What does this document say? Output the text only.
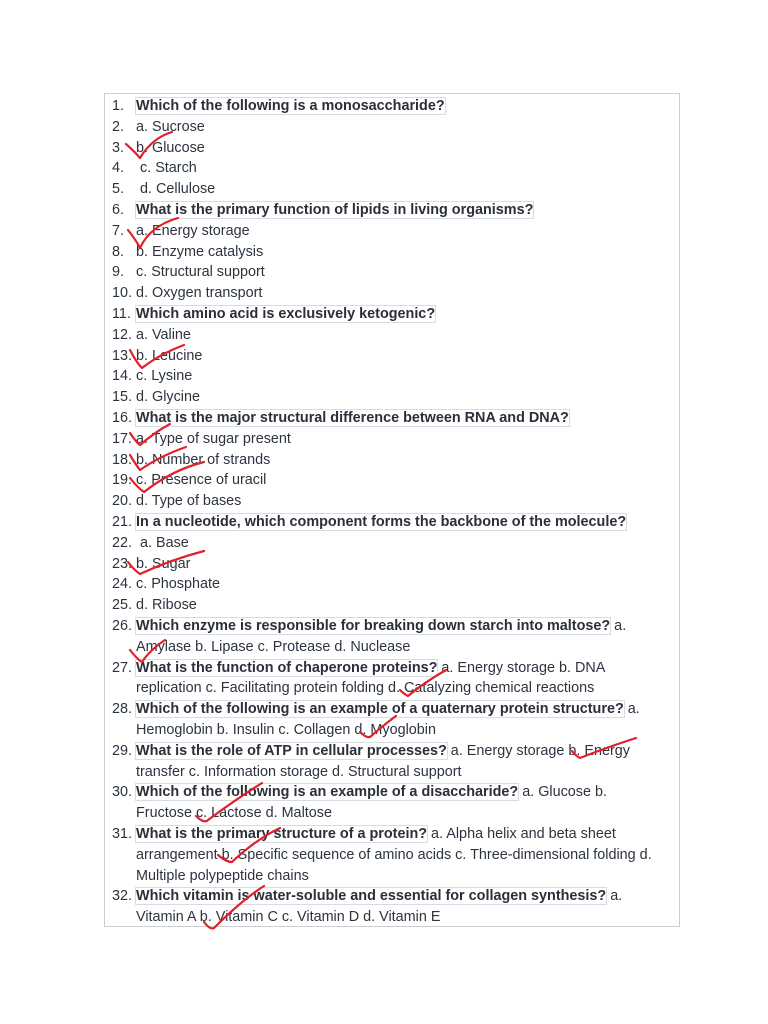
1. Which of the following is a monosaccharide?
2. a. Sucrose
3. b. Glucose
4. c. Starch
5. d. Cellulose
6. What is the primary function of lipids in living organisms?
7. a. Energy storage
8. b. Enzyme catalysis
9. c. Structural support
10. d. Oxygen transport
11. Which amino acid is exclusively ketogenic?
12. a. Valine
13. b. Leucine
14. c. Lysine
15. d. Glycine
16. What is the major structural difference between RNA and DNA?
17. a. Type of sugar present
18. b. Number of strands
19. c. Presence of uracil
20. d. Type of bases
21. In a nucleotide, which component forms the backbone of the molecule?
22. a. Base
23. b. Sugar
24. c. Phosphate
25. d. Ribose
26. Which enzyme is responsible for breaking down starch into maltose? a.
Amylase b. Lipase c. Protease d. Nuclease
27. What is the function of chaperone proteins? a. Energy storage b. DNA
replication c. Facilitating protein folding d. Catalyzing chemical reactions
28. Which of the following is an example of a quaternary protein structure? a.
Hemoglobin b. Insulin c. Collagen d. Myoglobin
29. What is the role of ATP in cellular processes? a. Energy storage b. Energy
transfer c. Information storage d. Structural support
30. Which of the following is an example of a disaccharide? a. Glucose b.
Fructose c. Lactose d. Maltose
31. What is the primary structure of a protein? a. Alpha helix and beta sheet
arrangement b. Specific sequence of amino acids c. Three-dimensional folding d.
Multiple polypeptide chains
32. Which vitamin is water-soluble and essential for collagen synthesis? a.
Vitamin A b. Vitamin C c. Vitamin D d. Vitamin E
